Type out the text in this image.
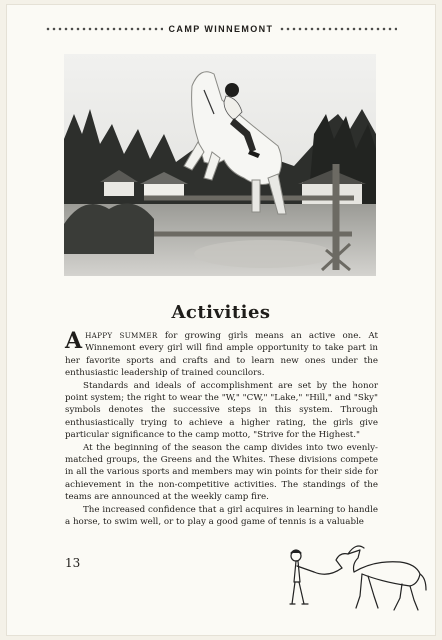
CAMP WINNEMONT
Activities

AHAPPY SUMMER for growing girls means an active one. At Winnemont every girl will find ample opportunity to take part in her favorite sports and crafts and to learn new ones under the enthusiastic leadership of trained councilors.

Standards and ideals of accomplishment are set by the honor point system; the right to wear the "W," "CW," "Lake," "Hill," and "Sky" symbols denotes the successive steps in this system. Through enthusiastically trying to achieve a higher rating, the girls give particular significance to the camp motto, "Strive for the Highest."

At the beginning of the season the camp divides into two evenly-matched groups, the Greens and the Whites. These divisions compete in all the various sports and members may win points for their side for achievement in the non-competitive activities. The standings of the teams are announced at the weekly camp fire.

The increased confidence that a girl acquires in learning to handle a horse, to swim well, or to play a good game of tennis is a valuable

13
